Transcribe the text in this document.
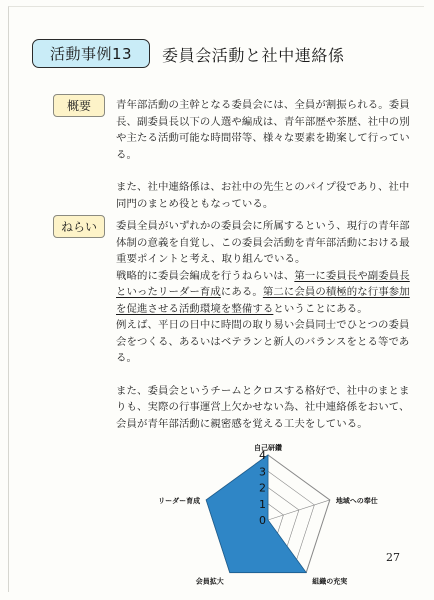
活動事例13 委員会活動と社中連絡係
概要 青年部活動の主幹となる委員会には、全員が割振られる。委員長、副委員長以下の人選や編成は、青年部歴や茶歴、社中の別や主たる活動可能な時間帯等、様々な要素を勘案して行っている。

また、社中連絡係は、お社中の先生とのパイプ役であり、社中同門のまとめ役ともなっている。

ねらい 委員全員がいずれかの委員会に所属するという、現行の青年部体制の意義を自覚し、この委員会活動を青年部活動における最重要ポイントと考え、取り組んでいる。

戦略的に委員会編成を行うねらいは、第一に委員長や副委員長といったリーダー育成にある。第二に会員の積極的な行事参加を促進させる活動環境を整備するということにある。

例えば、平日の日中に時間の取り易い会員同士でひとつの委員会をつくる、あるいはベテランと新人のバランスをとる等である。

また、委員会というチームとクロスする格好で、社中のまとまりも、実際の行事運営上欠かせない為、社中連絡係をおいて、会員が青年部活動に親密感を覚える工夫をしている。

0
1
2
3
4
自己研鑽
地域への奉仕
組織の充実
会員拡大
リーダー育成
27
